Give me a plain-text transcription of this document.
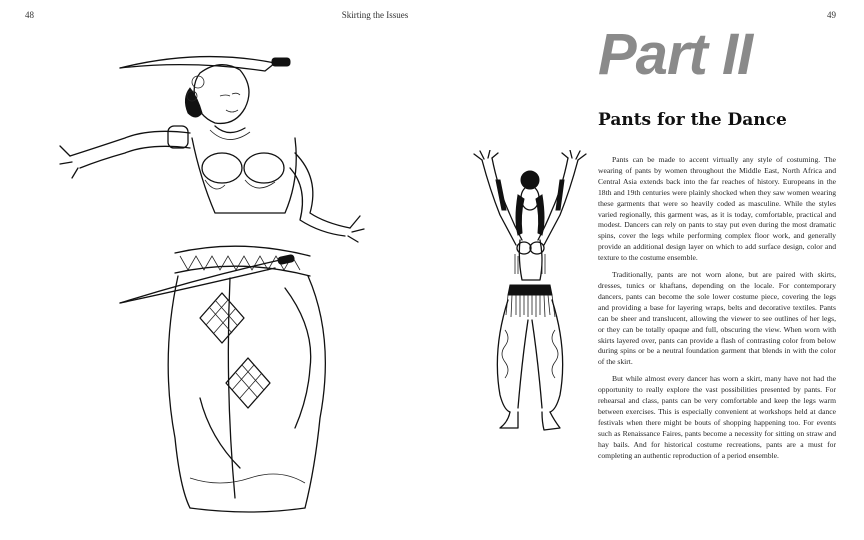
48	Skirting the Issues	49
Part II
Pants for the Dance

Pants can be made to accent virtually any style of costuming. The wearing of pants by women throughout the Middle East, North Africa and Central Asia extends back into the far reaches of history. Europeans in the 18th and 19th centuries were plainly shocked when they saw women wearing these garments that were so heavily coded as masculine. While the styles varied regionally, this garment was, as it is today, comfortable, practical and modest. Dancers can rely on pants to stay put even during the most dramatic spins, cover the legs while performing complex floor work, and generally provide an additional design layer on which to add surface design, color and texture to the costume ensemble.

Traditionally, pants are not worn alone, but are paired with skirts, dresses, tunics or khaftans, depending on the locale. For contemporary dancers, pants can become the sole lower costume piece, covering the legs and providing a base for layering wraps, belts and decorative textiles. Pants can be sheer and translucent, allowing the viewer to see outlines of her legs, or they can be totally opaque and full, obscuring the view. When worn with skirts layered over, pants can provide a flash of contrasting color from below during spins or be a neutral foundation garment that blends in with the color of the skirt.

But while almost every dancer has worn a skirt, many have not had the opportunity to really explore the vast possibilities presented by pants. For rehearsal and class, pants can be very comfortable and keep the legs warm between exercises. This is especially convenient at workshops held at dance festivals when there might be bouts of shopping happening too. For events such as Renaissance Faires, pants become a necessity for sitting on straw and hay bails. And for historical costume recreations, pants are a must for completing an authentic reproduction of a period ensemble.
